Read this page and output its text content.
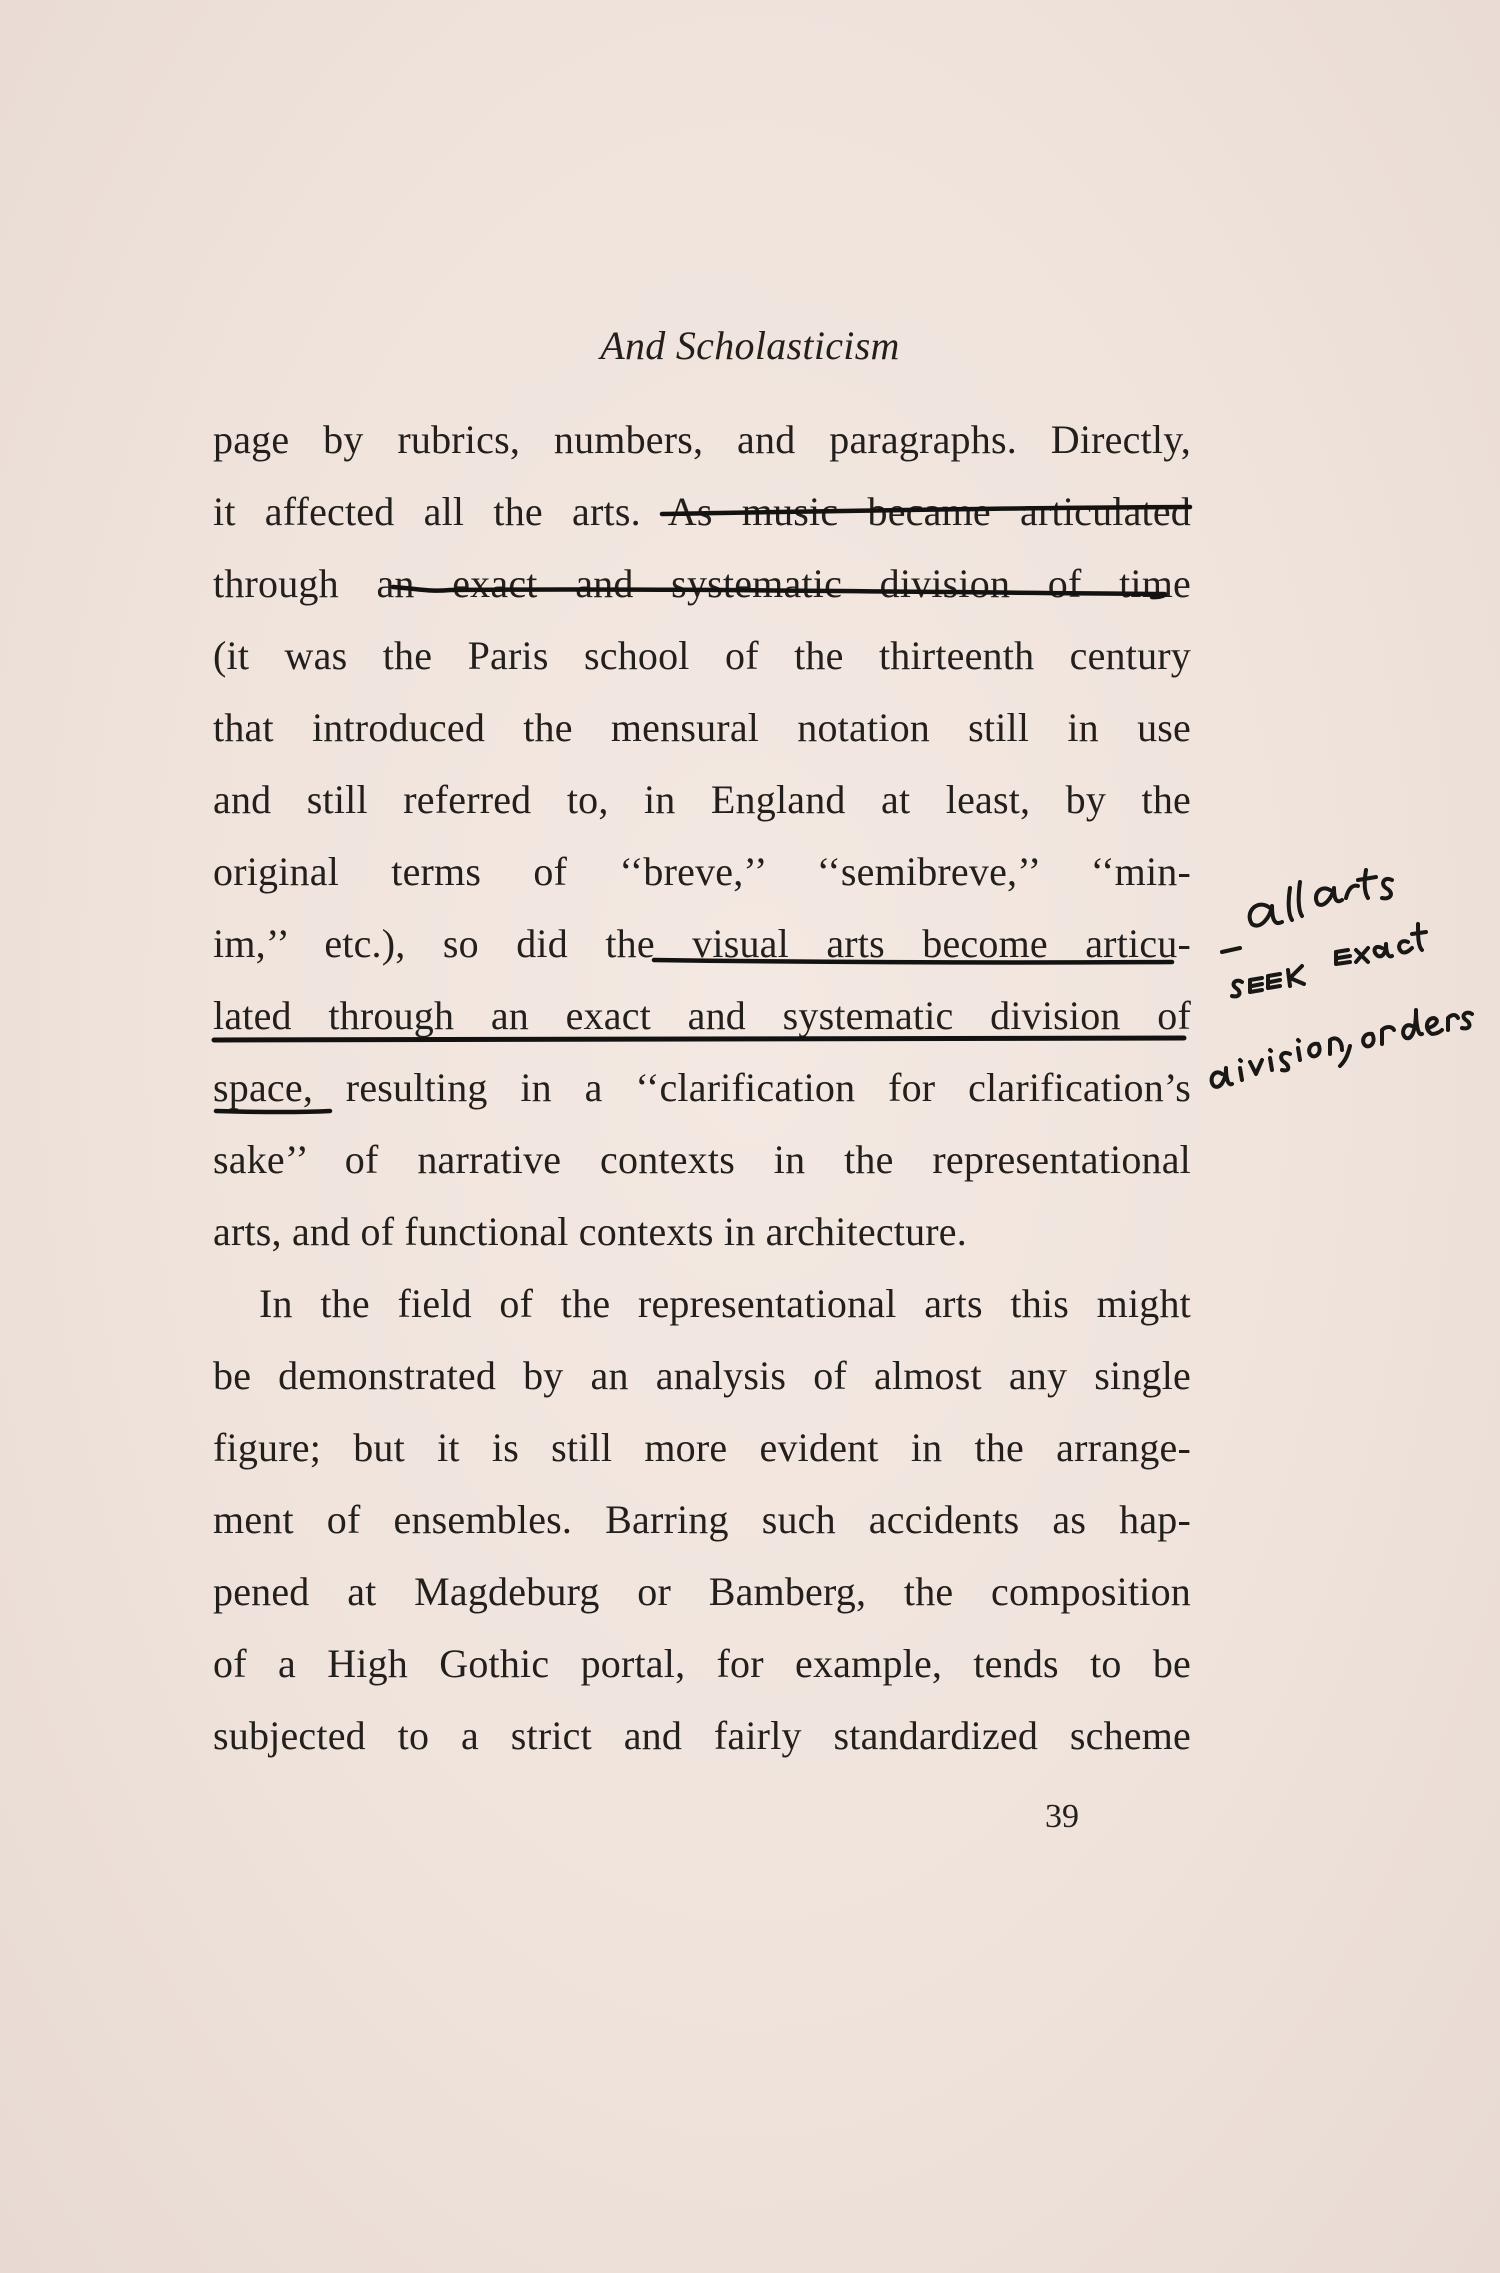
And Scholasticism
page by rubrics, numbers, and paragraphs. Directly,
it affected all the arts. As music became articulated
through an exact and systematic division of time
(it was the Paris school of the thirteenth century
that introduced the mensural notation still in use
and still referred to, in England at least, by the
original terms of ‘‘breve,’’ ‘‘semibreve,’’ ‘‘min-
im,’’ etc.), so did the visual arts become articu-
lated through an exact and systematic division of
space, resulting in a ‘‘clarification for clarification’s
sake’’ of narrative contexts in the representational
arts, and of functional contexts in architecture.
In the field of the representational arts this might
be demonstrated by an analysis of almost any single
figure; but it is still more evident in the arrange-
ment of ensembles. Barring such accidents as hap-
pened at Magdeburg or Bamberg, the composition
of a High Gothic portal, for example, tends to be
subjected to a strict and fairly standardized scheme
39
